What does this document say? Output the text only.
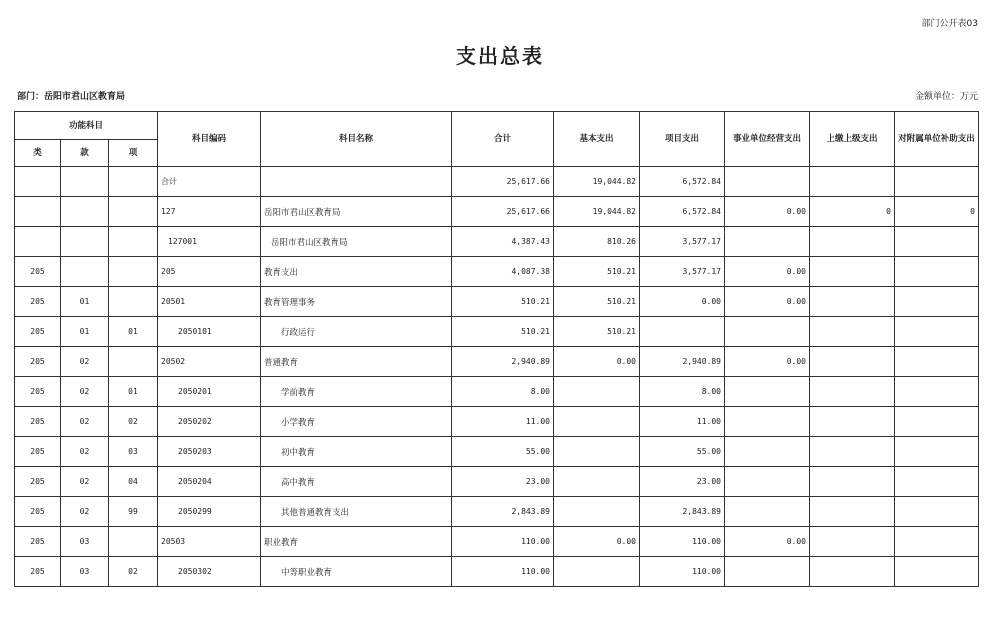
部门公开表03
支出总表
部门：岳阳市君山区教育局	金额单位：万元
功能科目			科目编码	科目名称	合计	基本支出	项目支出	事业单位经营支出	上缴上级支出	对附属单位补助支出
类	款	项								
			合计		25,617.66	19,044.82	6,572.84			
			127	岳阳市君山区教育局	25,617.66	19,044.82	6,572.84	0.00	0	0
			127001	岳阳市君山区教育局	4,387.43	810.26	3,577.17			
205			205	教育支出	4,087.38	510.21	3,577.17	0.00		
205	01		20501	教育管理事务	510.21	510.21	0.00	0.00		
205	01	01	2050101	行政运行	510.21	510.21				
205	02		20502	普通教育	2,940.89	0.00	2,940.89	0.00		
205	02	01	2050201	学前教育	8.00		8.00			
205	02	02	2050202	小学教育	11.00		11.00			
205	02	03	2050203	初中教育	55.00		55.00			
205	02	04	2050204	高中教育	23.00		23.00			
205	02	99	2050299	其他普通教育支出	2,843.89		2,843.89			
205	03		20503	职业教育	110.00	0.00	110.00	0.00		
205	03	02	2050302	中等职业教育	110.00		110.00			
